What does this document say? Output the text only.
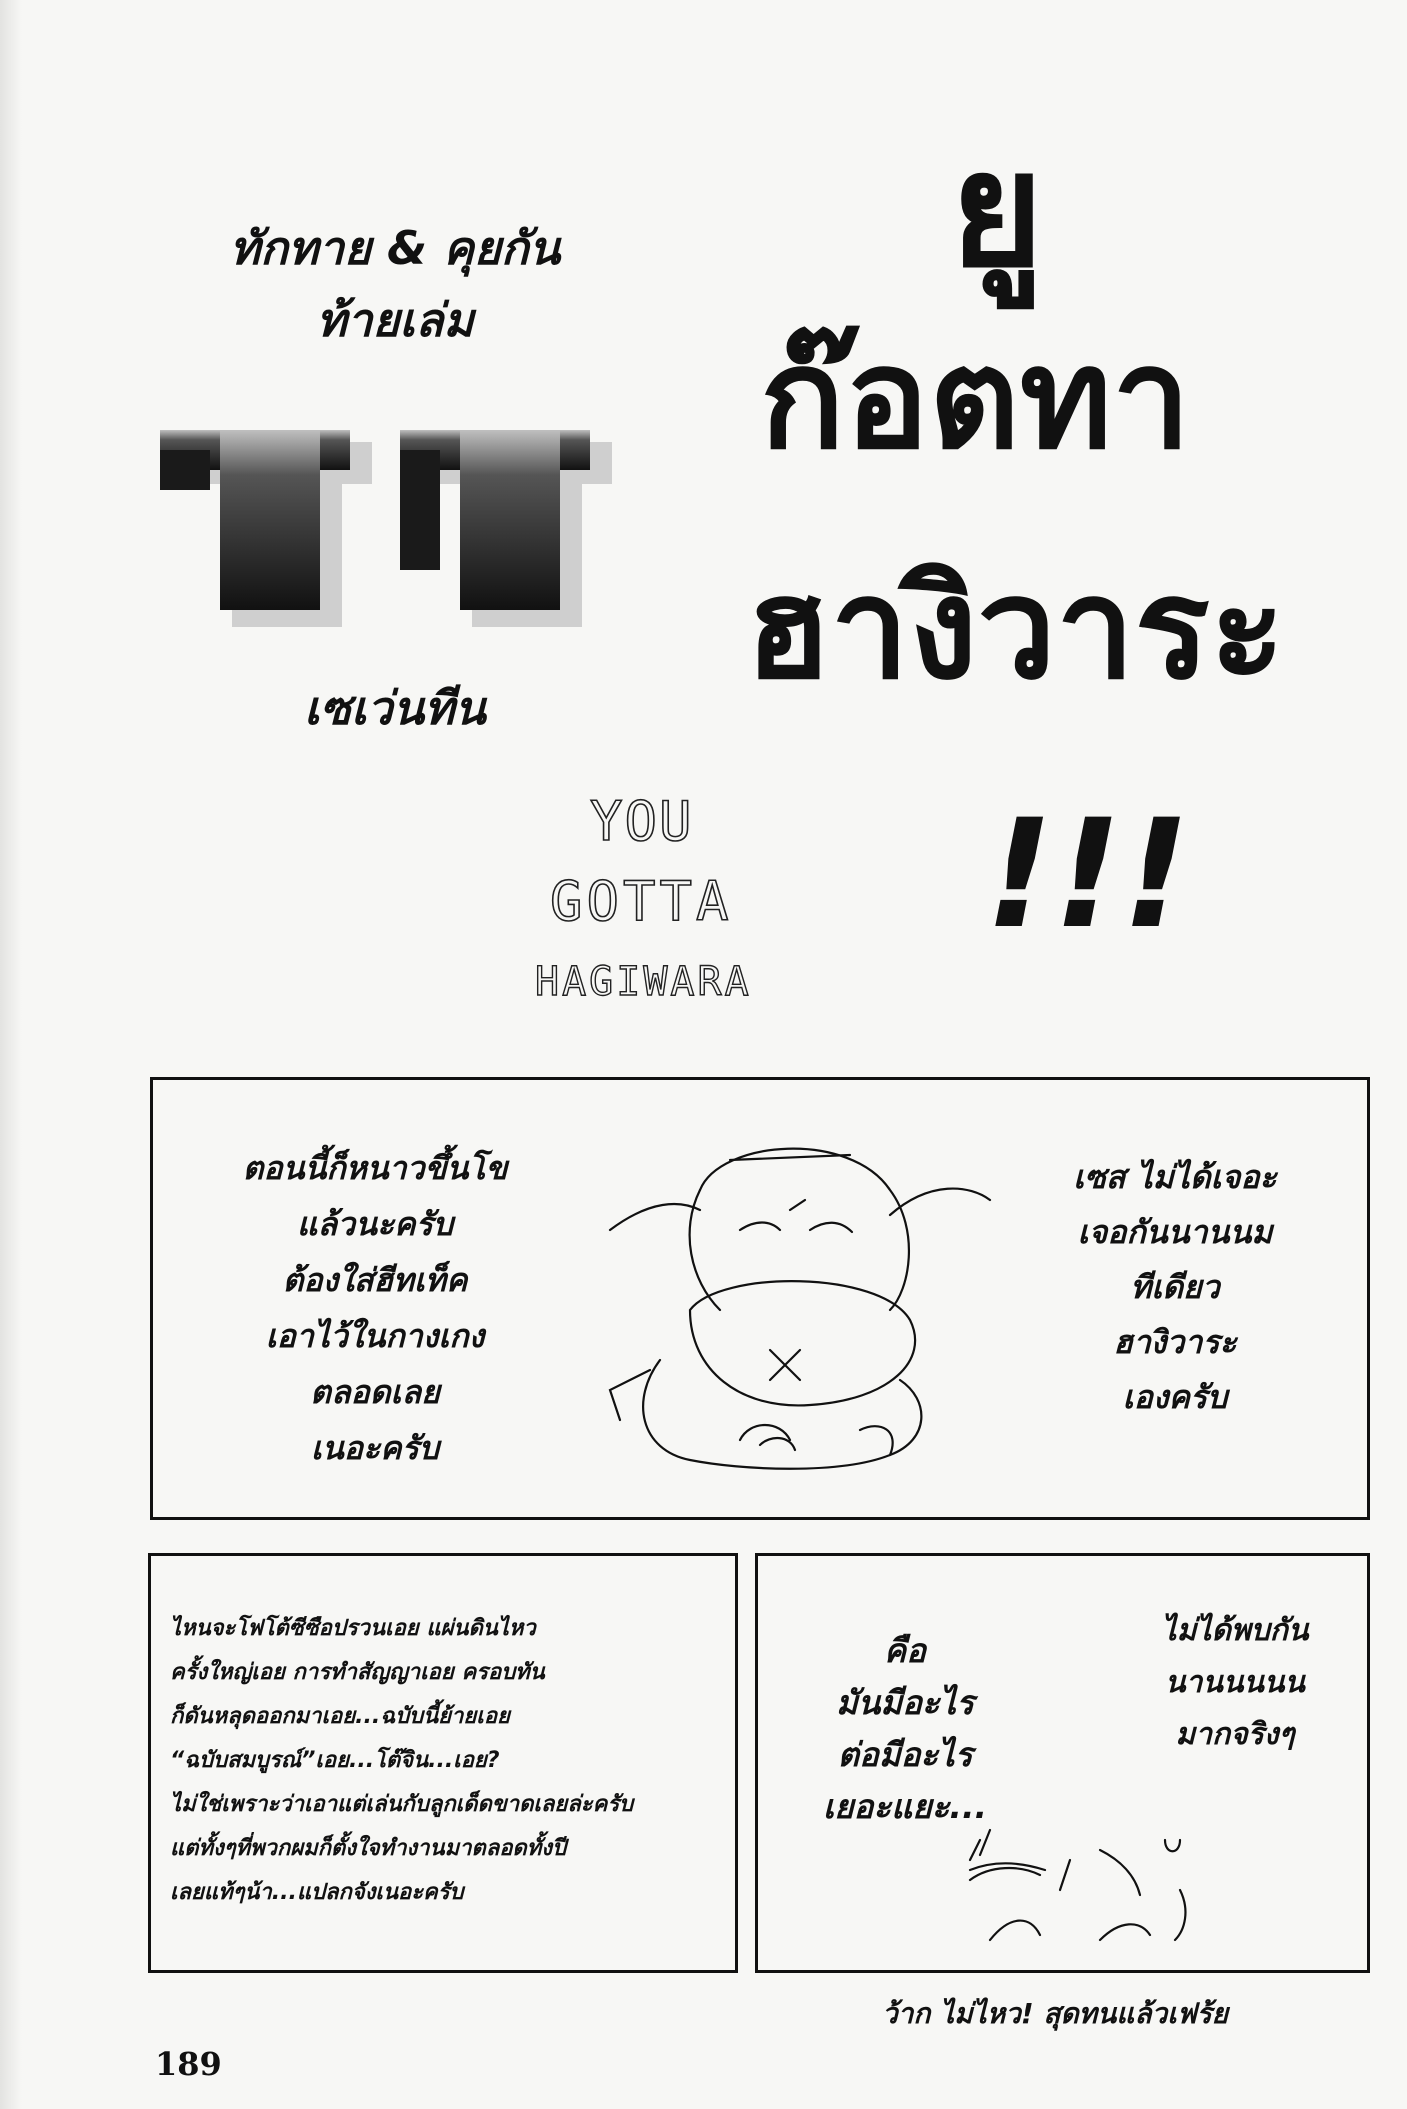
ทักทาย & คุยกัน
ท้ายเล่ม
11
เซเว่นทีน
ยู
ก๊อตทา
ฮางิวาระ
!!!
YOU
GOTTA
HAGIWARA
ตอนนี้ก็หนาวขึ้นโข
แล้วนะครับ
ต้องใส่ฮีทเท็ค
เอาไว้ในกางเกง
ตลอดเลย
เนอะครับ
เซส ไม่ได้เจอะ
เจอกันนานนม
ทีเดียว
ฮางิวาระ
เองครับ
ไหนจะโฟโต้ซีซือปรวนเอย แผ่นดินไหว
ครั้งใหญ่เอย การทำสัญญาเอย ครอบทัน
ก็ดันหลุดออกมาเอย...ฉบับนี้ย้ายเอย
“ฉบับสมบูรณ์”เอย...โต๊จิน...เอย?
ไม่ใช่เพราะว่าเอาแต่เล่นกับลูกเด็ดขาดเลยล่ะครับ
แต่ทั้งๆที่พวกผมก็ตั้งใจทำงานมาตลอดทั้งปี
เลยแท้ๆน้า...แปลกจังเนอะครับ
คือ
มันมีอะไร
ต่อมีอะไร
เยอะแยะ...
ไม่ได้พบกัน
นานนนนน
มากจริงๆ
ว้าก ไม่ไหว! สุดทนแล้วเฟร้ย
189
